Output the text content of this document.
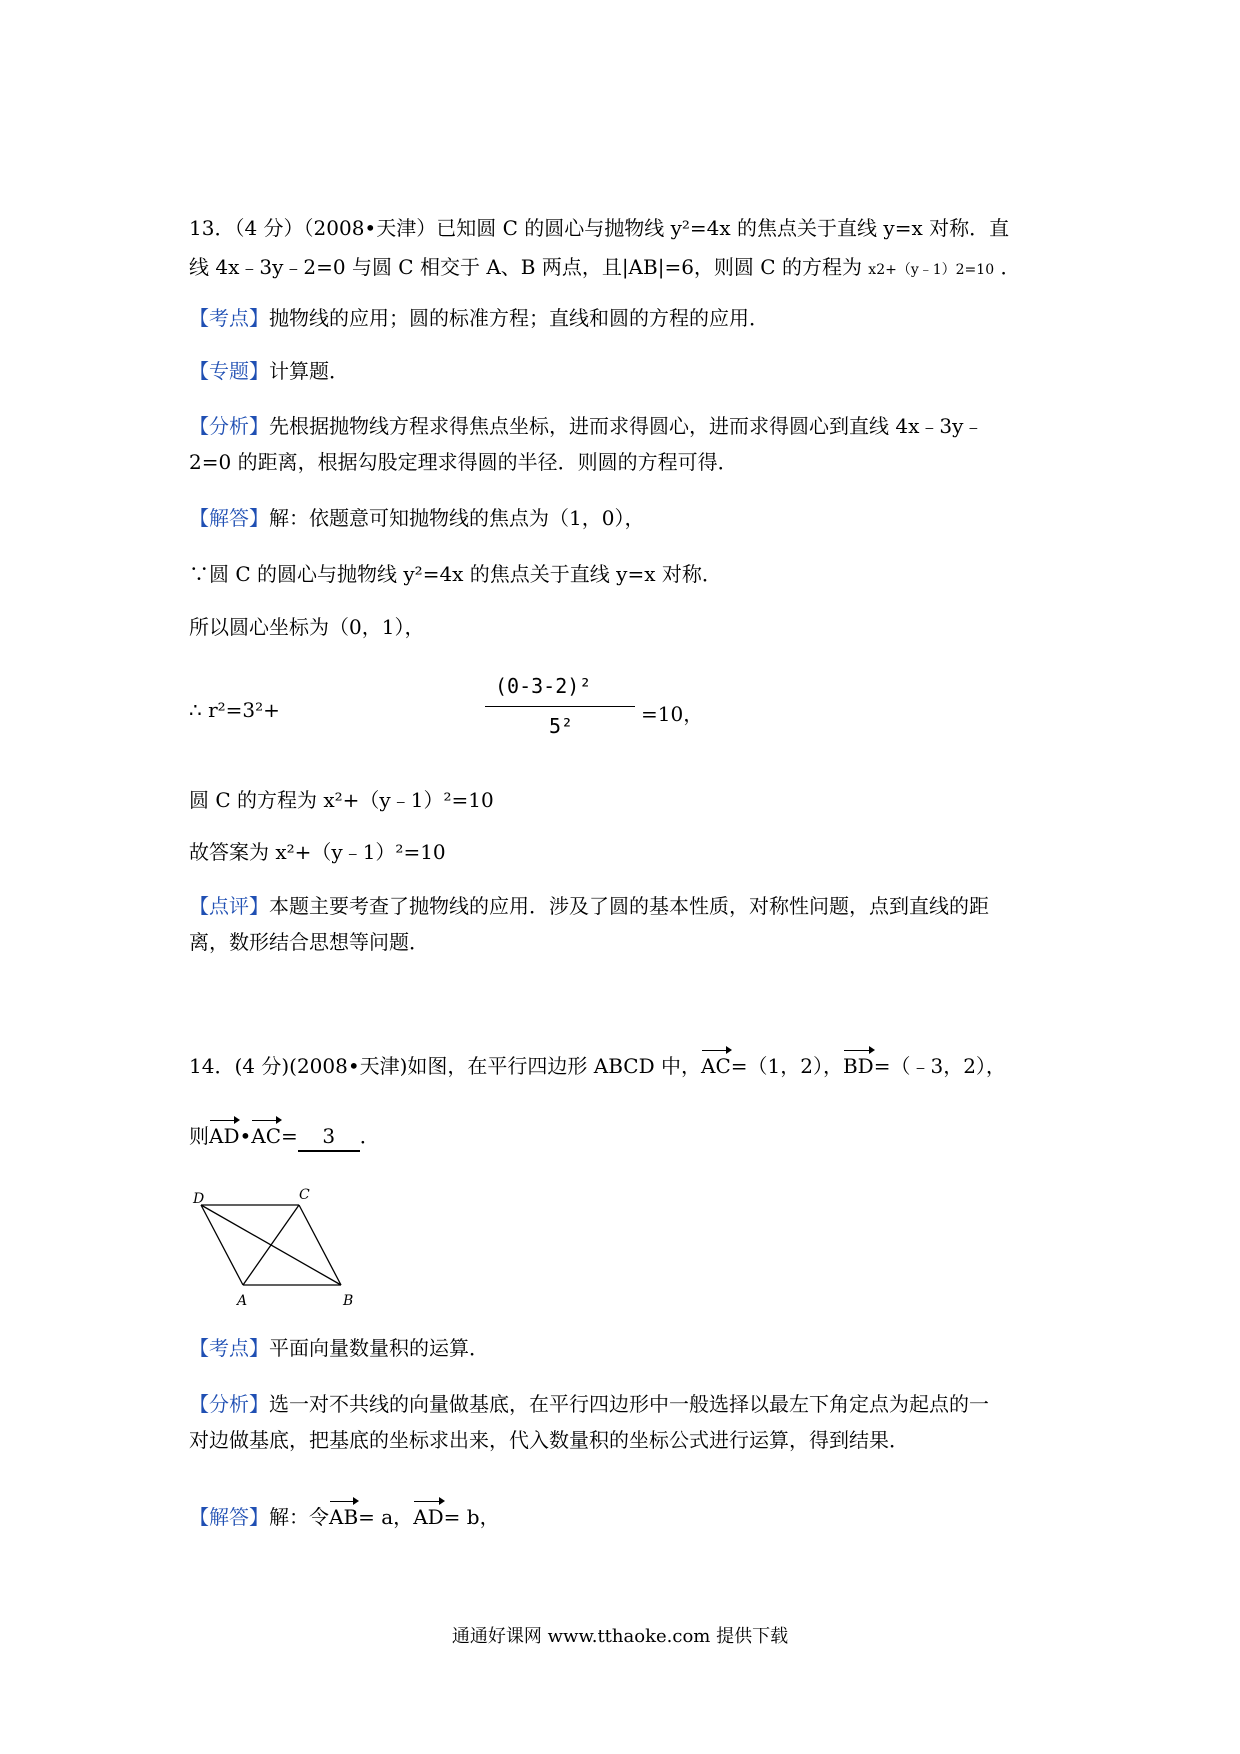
13．（4 分）（2008•天津）已知圆 C 的圆心与抛物线 y²=4x 的焦点关于直线 y=x 对称．直
线 4x﹣3y﹣2=0 与圆 C 相交于 A、B 两点，且|AB|=6，则圆 C 的方程为 x2+（y﹣1）2=10 ．
【考点】抛物线的应用；圆的标准方程；直线和圆的方程的应用．
【专题】计算题．
【分析】先根据抛物线方程求得焦点坐标，进而求得圆心，进而求得圆心到直线 4x﹣3y﹣
2=0 的距离，根据勾股定理求得圆的半径．则圆的方程可得．
【解答】解：依题意可知抛物线的焦点为（1，0），
∵圆 C 的圆心与抛物线 y²=4x 的焦点关于直线 y=x 对称．
所以圆心坐标为（0，1），
∴ r²=3²+
(0-3-2)²
5²	=10，
圆 C 的方程为 x²+（y﹣1）²=10
故答案为 x²+（y﹣1）²=10
【点评】本题主要考查了抛物线的应用．涉及了圆的基本性质，对称性问题，点到直线的距
离，数形结合思想等问题．
14．(4 分)(2008•天津)如图，在平行四边形 ABCD 中，AC=（1，2），BD=（﹣3，2），
则AD•AC= 3 ．
D	C
A	B
【考点】平面向量数量积的运算．
【分析】选一对不共线的向量做基底，在平行四边形中一般选择以最左下角定点为起点的一
对边做基底，把基底的坐标求出来，代入数量积的坐标公式进行运算，得到结果．
【解答】解：令AB= a，AD= b，
通通好课网 www.tthaoke.com 提供下载
